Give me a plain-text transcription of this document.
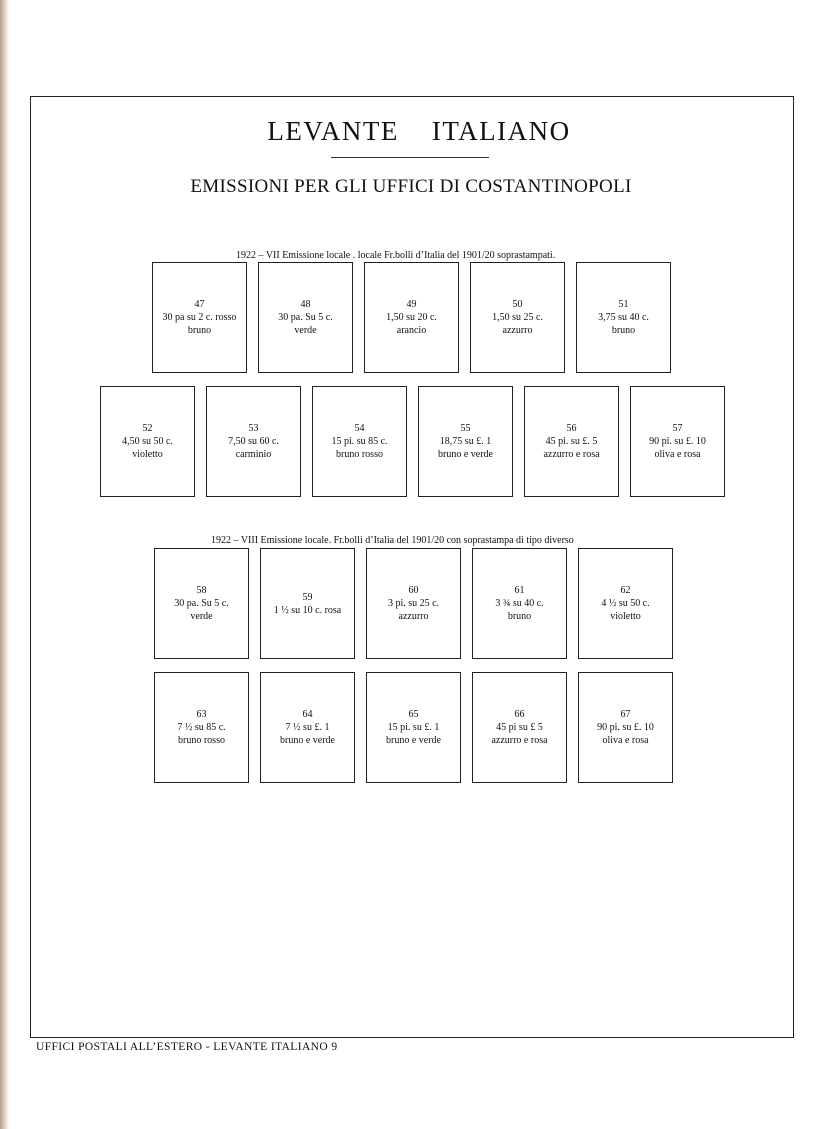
LEVANTE    ITALIANO
EMISSIONI PER GLI UFFICI DI COSTANTINOPOLI
1922 – VII Emissione locale . locale Fr.bolli d’Italia del 1901/20 soprastampati.
47
30 pa su 2 c. rosso
bruno
48
30 pa. Su 5 c.
verde
49
1,50 su 20 c.
arancio
50
1,50 su 25 c.
azzurro
51
3,75 su 40 c.
bruno
52
4,50 su 50 c.
violetto
53
7,50 su 60 c.
carminio
54
15 pi. su 85 c.
bruno rosso
55
18,75 su £. 1
bruno e verde
56
45 pi. su £. 5
azzurro e rosa
57
90 pi. su £. 10
oliva e rosa
1922 – VIII Emissione locale. Fr.bolli d’Italia del 1901/20 con soprastampa di tipo diverso
58
30 pa. Su 5 c.
verde
59
1 ½ su 10 c. rosa
60
3 pi. su 25 c.
azzurro
61
3 ¾ su 40 c.
bruno
62
4 ½ su 50 c.
violetto
63
7 ½ su 85 c.
bruno rosso
64
7 ½ su £. 1
bruno e verde
65
15 pi. su £. 1
bruno e verde
66
45 pi su £ 5
azzurro e rosa
67
90 pi. su £. 10
oliva e rosa
UFFICI POSTALI ALL’ESTERO - LEVANTE ITALIANO 9
